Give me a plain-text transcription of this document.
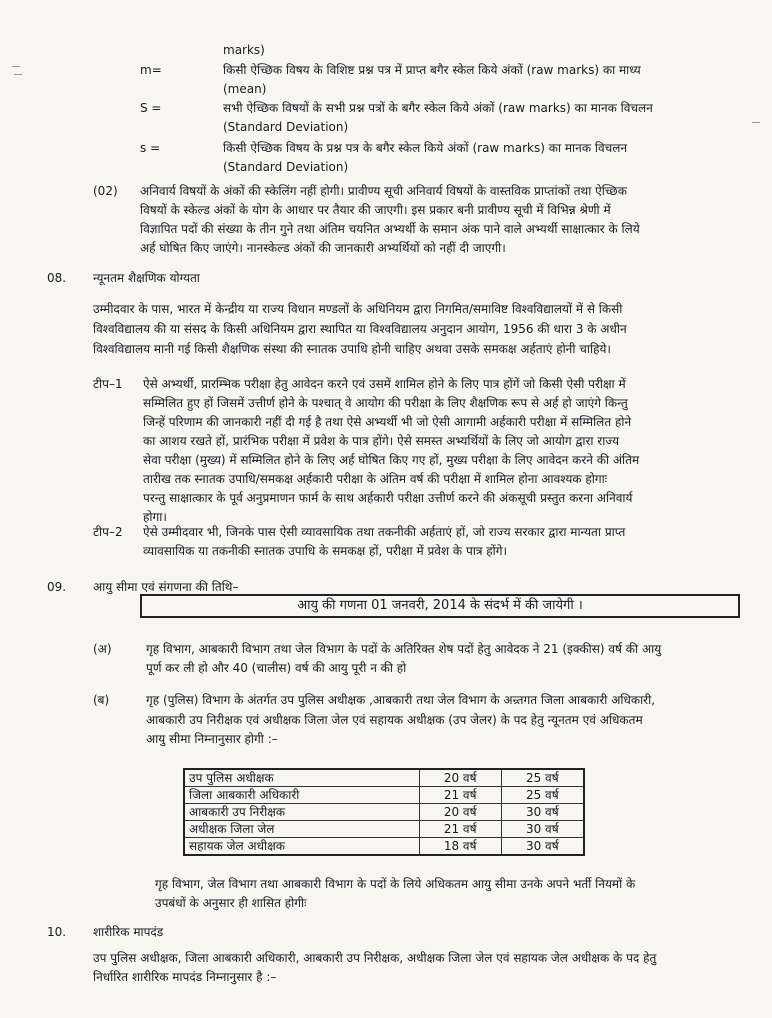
marks)
m=	किसी ऐच्छिक विषय के विशिष्ट प्रश्न पत्र में प्राप्त बगैर स्केल किये अंकों (raw marks) का माध्य
(mean)
S =	सभी ऐच्छिक विषयों के सभी प्रश्न पत्रों के बगैर स्केल किये अंकों (raw marks) का मानक विचलन
(Standard Deviation)
s =	किसी ऐच्छिक विषय के प्रश्न पत्र के बगैर स्केल किये अंकों (raw marks) का मानक विचलन
(Standard Deviation)
(02) अनिवार्य विषयों के अंकों की स्केलिंग नहीं होगी। प्रावीण्य सूची अनिवार्य विषयों के वास्तविक प्राप्तांकों तथा ऐच्छिक
विषयों के स्केल्ड अंकों के योग के आधार पर तैयार की जाएगी। इस प्रकार बनी प्रावीण्य सूची में विभिन्न श्रेणी में
विज्ञापित पदों की संख्या के तीन गुने तथा अंतिम चयनित अभ्यर्थी के समान अंक पाने वाले अभ्यर्थी साक्षात्कार के लिये
अर्ह घोषित किए जाएंगे। नानस्केल्ड अंकों की जानकारी अभ्यर्थियों को नहीं दी जाएगी।
08. न्यूनतम शैक्षणिक योग्यता
उम्मीदवार के पास, भारत में केन्द्रीय या राज्य विधान मण्डलों के अधिनियम द्वारा निगमित/समाविष्ट विश्वविद्यालयों में से किसी
विश्वविद्यालय की या संसद के किसी अधिनियम द्वारा स्थापित या विश्वविद्यालय अनुदान आयोग, 1956 की धारा 3 के अधीन
विश्वविद्यालय मानी गई किसी शैक्षणिक संस्था की स्नातक उपाधि होनी चाहिए अथवा उसके समकक्ष अर्हताएं होनी चाहिये।
टीप–1 ऐसे अभ्यर्थी, प्रारम्भिक परीक्षा हेतु आवेदन करने एवं उसमें शामिल होने के लिए पात्र होंगें जो किसी ऐसी परीक्षा में
सम्मिलित हुए हों जिसमें उत्तीर्ण होने के पश्चात् वे आयोग की परीक्षा के लिए शैक्षणिक रूप से अर्ह हो जाएंगे किन्तु
जिन्हें परिणाम की जानकारी नहीं दी गई है तथा ऐसे अभ्यर्थी भी जो ऐसी आगामी अर्हकारी परीक्षा में सम्मिलित होने
का आशय रखते हों, प्रारंभिक परीक्षा में प्रवेश के पात्र होंगे। ऐसे समस्त अभ्यर्थियों के लिए जो आयोग द्वारा राज्य
सेवा परीक्षा (मुख्य) में सम्मिलित होने के लिए अर्ह घोषित किए गए हों, मुख्य परीक्षा के लिए आवेदन करने की अंतिम
तारीख तक स्नातक उपाधि/समकक्ष अर्हकारी परीक्षा के अंतिम वर्ष की परीक्षा में शामिल होना आवश्यक होगाः
परन्तु साक्षात्कार के पूर्व अनुप्रमाणन फार्म के साथ अर्हकारी परीक्षा उत्तीर्ण करने की अंकसूची प्रस्तुत करना अनिवार्य
होगा।
टीप–2 ऐसे उम्मीदवार भी, जिनके पास ऐसी व्यावसायिक तथा तकनीकी अर्हताएं हों, जो राज्य सरकार द्वारा मान्यता प्राप्त
व्यावसायिक या तकनीकी स्नातक उपाधि के समकक्ष हों, परीक्षा में प्रवेश के पात्र होंगे।
09. आयु सीमा एवं संगणना की तिथि–
आयु की गणना 01 जनवरी, 2014 के संदर्भ में की जायेगी ।
(अ)	गृह विभाग, आबकारी विभाग तथा जेल विभाग के पदों के अतिरिक्त शेष पदों हेतु आवेदक ने 21 (इक्कीस) वर्ष की आयु
पूर्ण कर ली हो और 40 (चालीस) वर्ष की आयु पूरी न की हो
(ब)	गृह (पुलिस) विभाग के अंतर्गत उप पुलिस अधीक्षक ,आबकारी तथा जेल विभाग के अन्र्तगत जिला आबकारी अधिकारी,
आबकारी उप निरीक्षक एवं अधीक्षक जिला जेल एवं सहायक अधीक्षक (उप जेलर) के पद हेतु न्यूनतम एवं अधिकतम
आयु सीमा निम्नानुसार होगी :–
उप पुलिस अधीक्षक	20 वर्ष	25 वर्ष
जिला आबकारी अधिकारी	21 वर्ष	25 वर्ष
आबकारी उप निरीक्षक	20 वर्ष	30 वर्ष
अधीक्षक जिला जेल	21 वर्ष	30 वर्ष
सहायक जेल अधीक्षक	18 वर्ष	30 वर्ष
गृह विभाग, जेल विभाग तथा आबकारी विभाग के पदों के लिये अधिकतम आयु सीमा उनके अपने भर्ती नियमों के
उपबंधों के अनुसार ही शासित होगीः
10. शारीरिक मापदंड
उप पुलिस अधीक्षक, जिला आबकारी अधिकारी, आबकारी उप निरीक्षक, अधीक्षक जिला जेल एवं सहायक जेल अधीक्षक के पद हेतु
निर्धारित शारीरिक मापदंड निम्नानुसार है :–
